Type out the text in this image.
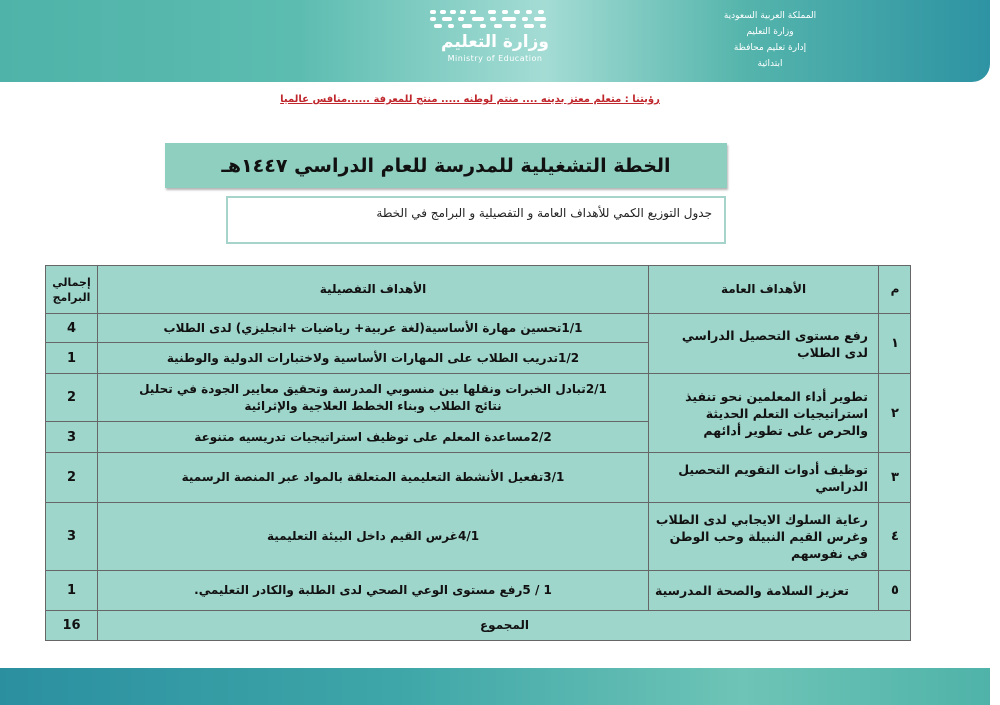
وزارة التعليم
Ministry of Education
المملكة العربية السعودية
وزارة التعليم
إدارة تعليم محافظة
ابتدائية
رؤيتنا : متعلم معتز بدينه .... منتم لوطنه ..... منتج للمعرفة ......منافس عالميا
الخطة التشغيلية للمدرسة للعام الدراسي ١٤٤٧هـ
جدول التوزيع الكمي للأهداف العامة و التفصيلية و البرامج في الخطة
م
الأهداف العامة
الأهداف التفصيلية
إجمالي البرامج
١
رفع مستوى التحصيل الدراسي لدى الطلاب
1/1تحسين مهارة الأساسية(لغة عربية+ رياضيات +انجليزي) لدى الطلاب
4
1/2تدريب الطلاب على المهارات الأساسية ولاختبارات الدولية والوطنية
1
٢
تطوير أداء المعلمين نحو تنفيذ استراتيجيات التعلم الحديثة والحرص على تطوير أدائهم
2/1تبادل الخبرات ونقلها بين منسوبي المدرسة وتحقيق معايير الجودة في تحليل نتائج الطلاب وبناء الخطط العلاجية والإثرائية
2
2/2مساعدة المعلم على توظيف استراتيجيات تدريسيه متنوعة
3
٣
توظيف أدوات التقويم التحصيل الدراسي
3/1تفعيل الأنشطة التعليمية المتعلقة بالمواد عبر المنصة الرسمية
2
٤
رعاية السلوك الايجابي لدى الطلاب وغرس القيم النبيلة وحب الوطن في نفوسهم
4/1غرس القيم داخل البيئة التعليمية
3
٥
تعزيز السلامة والصحة المدرسية
1 / 5رفع مستوى الوعي الصحي لدى الطلبة والكادر التعليمي.
1
المجموع
16
